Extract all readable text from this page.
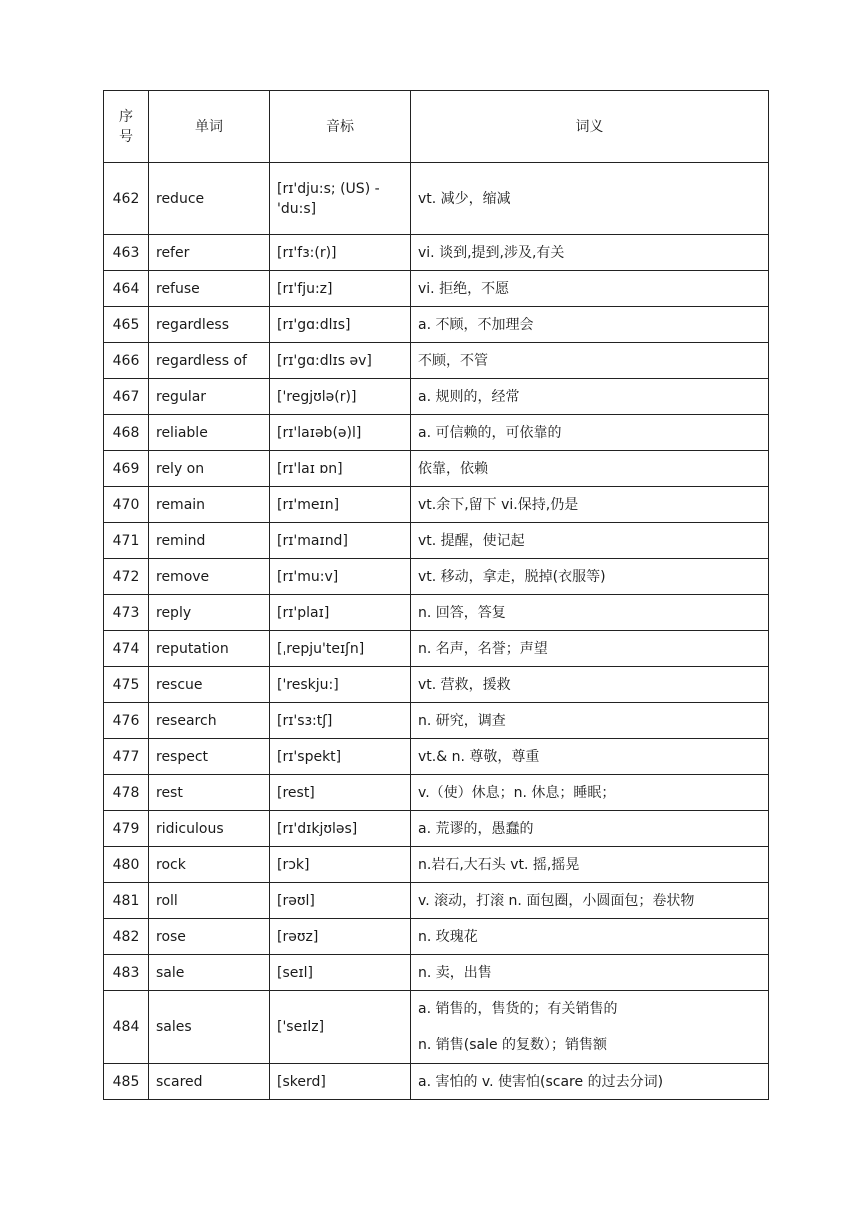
序
号	单词	音标	词义
462	reduce	[rɪ'dju:s; (US) -'du:s]	vt. 减少，缩减
463	refer	[rɪ'fɜ:(r)]	vi. 谈到,提到,涉及,有关
464	refuse	[rɪ'fju:z]	vi. 拒绝，不愿
465	regardless	[rɪ'gɑ:dlɪs]	a. 不顾，不加理会
466	regardless of	[rɪ'gɑ:dlɪs əv]	不顾，不管
467	regular	['regjʊlə(r)]	a. 规则的，经常
468	reliable	[rɪ'laɪəb(ə)l]	a. 可信赖的，可依靠的
469	rely on	[rɪ'laɪ ɒn]	依靠，依赖
470	remain	[rɪ'meɪn]	vt.余下,留下 vi.保持,仍是
471	remind	[rɪ'maɪnd]	vt. 提醒，使记起
472	remove	[rɪ'mu:v]	vt. 移动，拿走，脱掉(衣服等)
473	reply	[rɪ'plaɪ]	n. 回答，答复
474	reputation	[ˌrepju'teɪʃn]	n. 名声，名誉；声望
475	rescue	['reskju:]	vt. 营救，援救
476	research	[rɪ'sɜ:tʃ]	n. 研究，调查
477	respect	[rɪ'spekt]	vt.& n. 尊敬，尊重
478	rest	[rest]	v.（使）休息；n. 休息；睡眠；
479	ridiculous	[rɪ'dɪkjʊləs]	a. 荒谬的，愚蠢的
480	rock	[rɔk]	n.岩石,大石头 vt. 摇,摇晃
481	roll	[rəʊl]	v. 滚动，打滚 n. 面包圈，小圆面包；卷状物
482	rose	[rəʊz]	n. 玫瑰花
483	sale	[seɪl]	n. 卖，出售
484	sales	['seɪlz]	a. 销售的，售货的；有关销售的
n. 销售(sale 的复数）；销售额

485	scared	[skerd]	a. 害怕的 v. 使害怕(scare 的过去分词)
